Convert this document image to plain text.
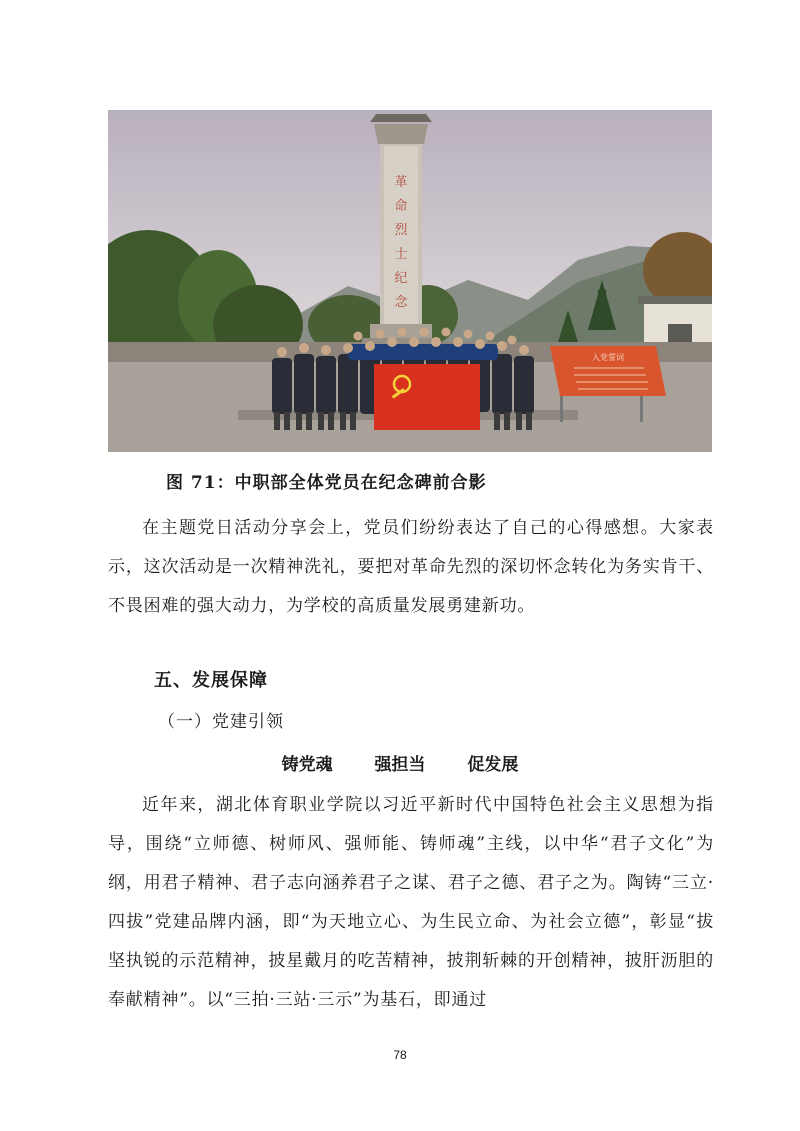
革
命
烈
士
纪
念
入党誓词
图 71：中职部全体党员在纪念碑前合影

在主题党日活动分享会上，党员们纷纷表达了自己的心得感想。大家表示，这次活动是一次精神洗礼，要把对革命先烈的深切怀念转化为务实肯干、不畏困难的强大动力，为学校的高质量发展勇建新功。

五、发展保障
（一）党建引领
铸党魂 强担当 促发展

近年来，湖北体育职业学院以习近平新时代中国特色社会主义思想为指导，围绕“立师德、树师风、强师能、铸师魂”主线，以中华“君子文化”为纲，用君子精神、君子志向涵养君子之谋、君子之德、君子之为。陶铸“三立·四拔”党建品牌内涵，即“为天地立心、为生民立命、为社会立德”，彰显“拔坚执锐的示范精神，披星戴月的吃苦精神，披荆斩棘的开创精神，披肝沥胆的奉献精神”。以“三拍·三站·三示”为基石，即通过

78
